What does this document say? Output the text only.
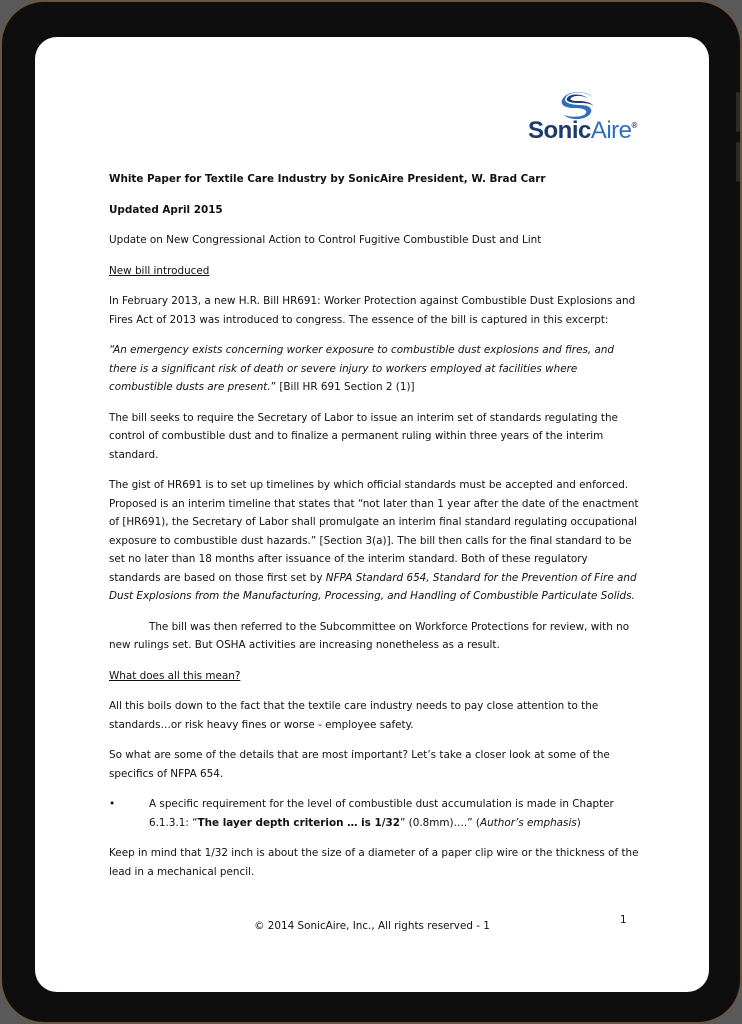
SonicAire®

White Paper for Textile Care Industry by SonicAire President, W. Brad Carr

Updated April 2015

Update on New Congressional Action to Control Fugitive Combustible Dust and Lint

New bill introduced

In February 2013, a new H.R. Bill HR691: Worker Protection against Combustible Dust Explosions and Fires Act of 2013 was introduced to congress. The essence of the bill is captured in this excerpt:

“An emergency exists concerning worker exposure to combustible dust explosions and fires, and there is a significant risk of death or severe injury to workers employed at facilities where combustible dusts are present.” [Bill HR 691 Section 2 (1)]

The bill seeks to require the Secretary of Labor to issue an interim set of standards regulating the control of combustible dust and to finalize a permanent ruling within three years of the interim standard.

The gist of HR691 is to set up timelines by which official standards must be accepted and enforced. Proposed is an interim timeline that states that “not later than 1 year after the date of the enactment of [HR691), the Secretary of Labor shall promulgate an interim final standard regulating occupational exposure to combustible dust hazards.” [Section 3(a)]. The bill then calls for the final standard to be set no later than 18 months after issuance of the interim standard. Both of these regulatory standards are based on those first set by NFPA Standard 654, Standard for the Prevention of Fire and Dust Explosions from the Manufacturing, Processing, and Handling of Combustible Particulate Solids.

The bill was then referred to the Subcommittee on Workforce Protections for review, with no new rulings set. But OSHA activities are increasing nonetheless as a result.

What does all this mean?

All this boils down to the fact that the textile care industry needs to pay close attention to the standards…or risk heavy fines or worse - employee safety.

So what are some of the details that are most important? Let’s take a closer look at some of the specifics of NFPA 654.

•	A specific requirement for the level of combustible dust accumulation is made in Chapter 6.1.3.1: “The layer depth criterion … is 1/32” (0.8mm)….” (Author’s emphasis)

Keep in mind that 1/32 inch is about the size of a diameter of a paper clip wire or the thickness of the lead in a mechanical pencil.

1
© 2014 SonicAire, Inc., All rights reserved - 1
